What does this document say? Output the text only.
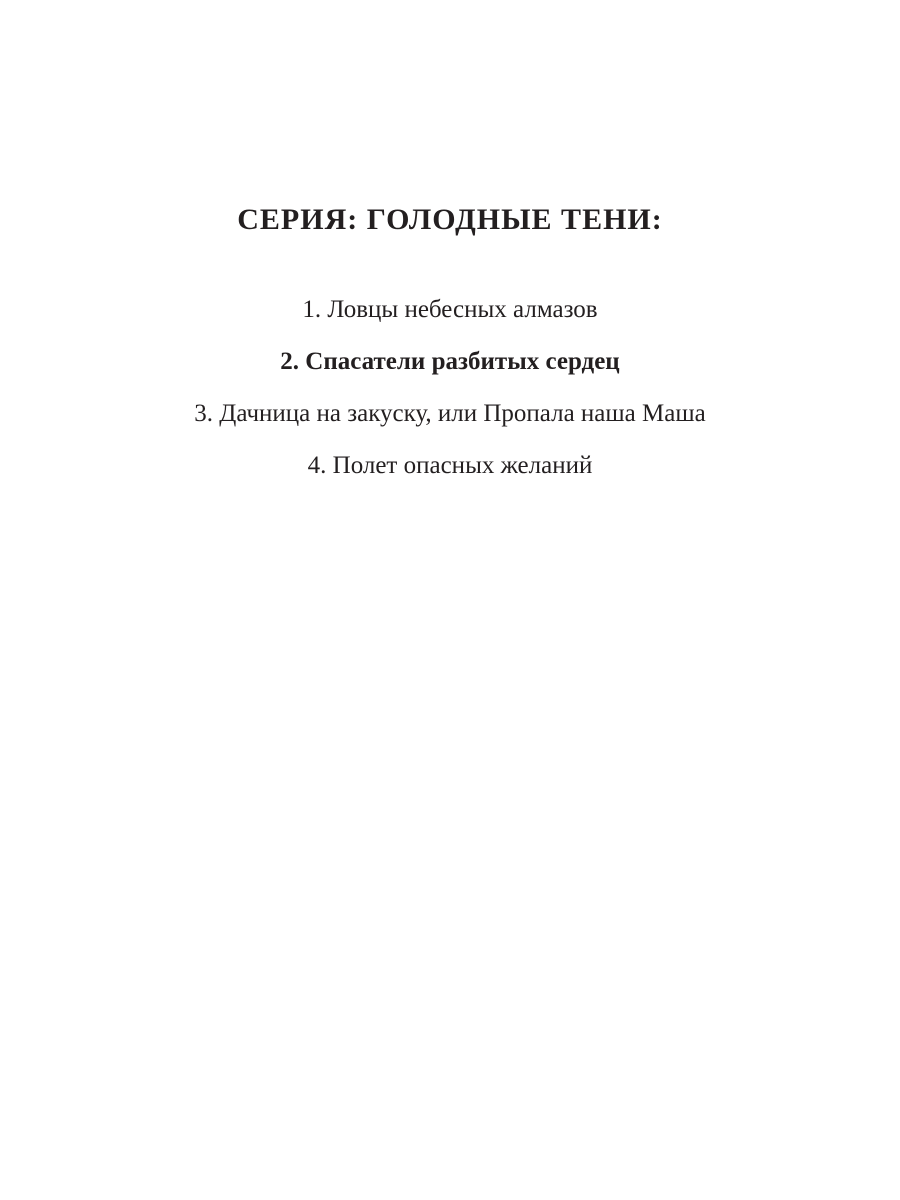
СЕРИЯ: ГОЛОДНЫЕ ТЕНИ:
1. Ловцы небесных алмазов
2. Спасатели разбитых сердец
3. Дачница на закуску, или Пропала наша Маша
4. Полет опасных желаний
